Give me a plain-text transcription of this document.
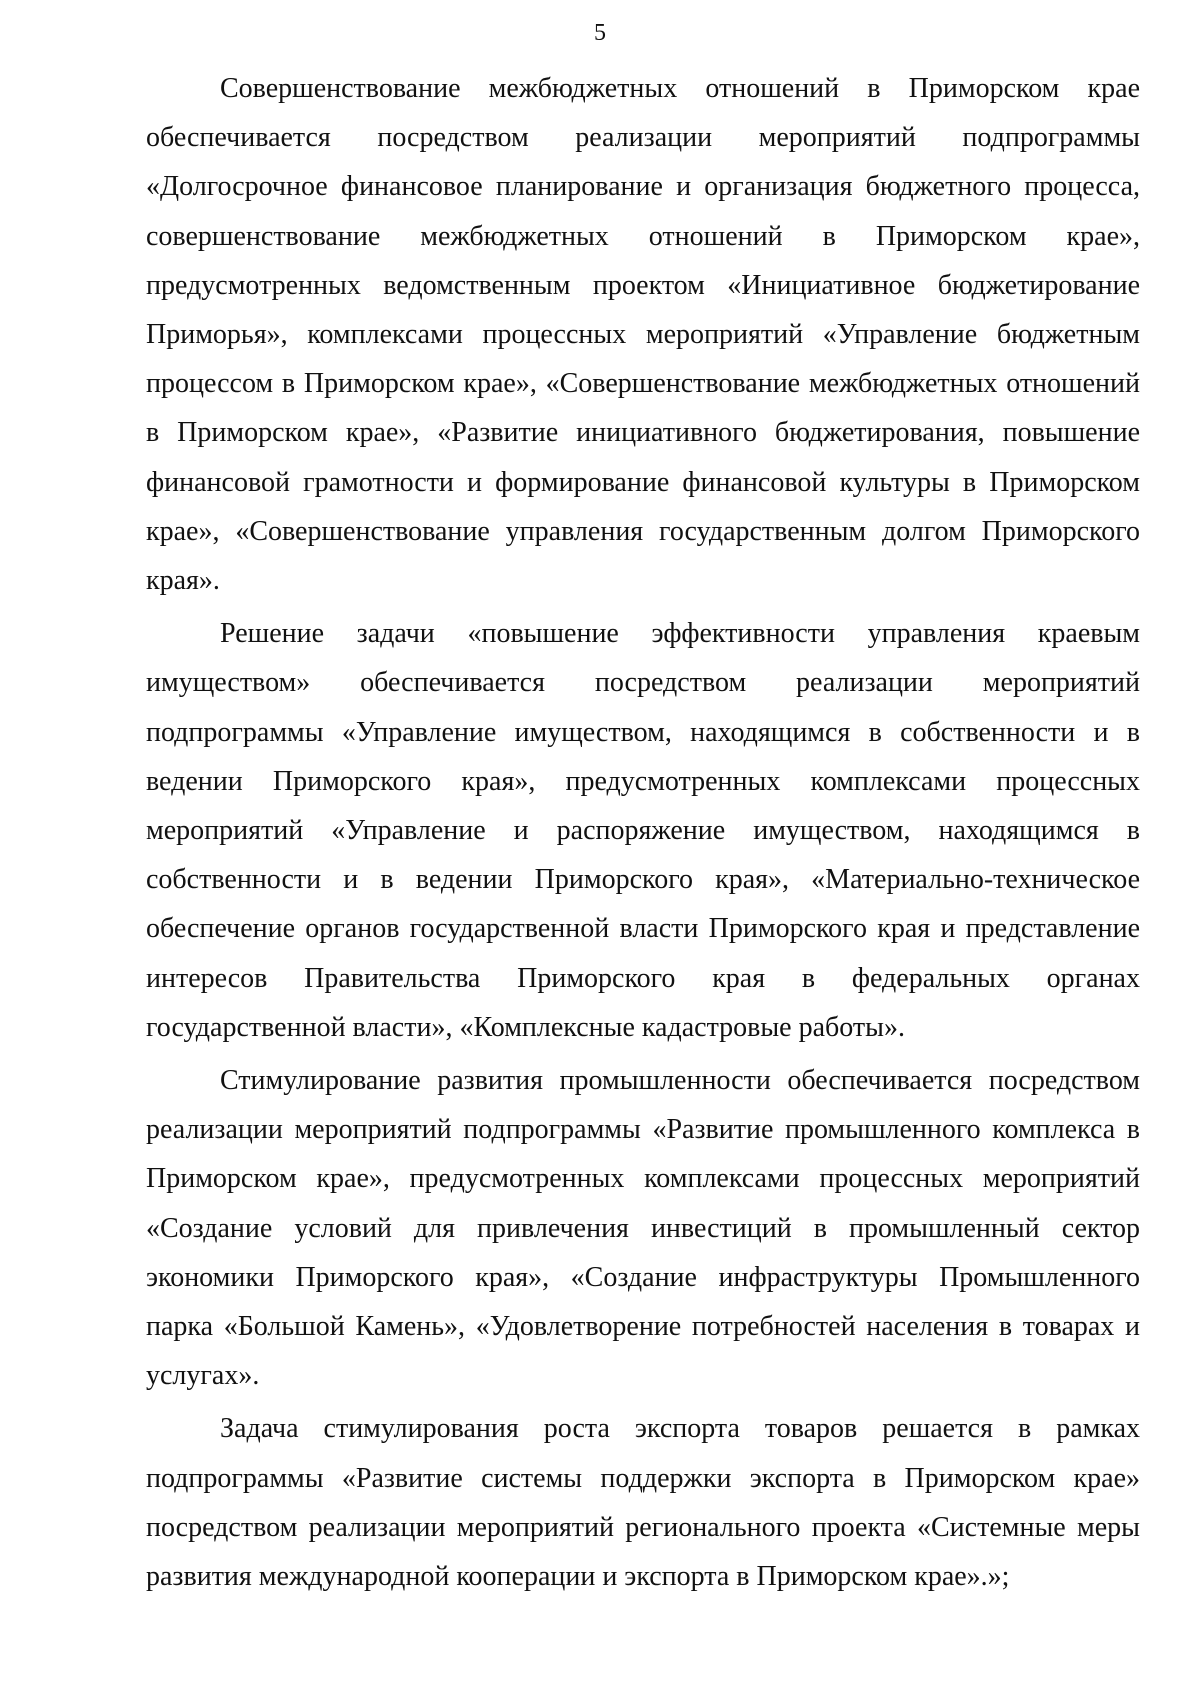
5

Совершенствование межбюджетных отношений в Приморском крае обеспечивается посредством реализации мероприятий подпрограммы «Долгосрочное финансовое планирование и организация бюджетного процесса, совершенствование межбюджетных отношений в Приморском крае», предусмотренных ведомственным проектом «Инициативное бюджетирование Приморья», комплексами процессных мероприятий «Управление бюджетным процессом в Приморском крае», «Совершенствование межбюджетных отношений в Приморском крае», «Развитие инициативного бюджетирования, повышение финансовой грамотности и формирование финансовой культуры в Приморском крае», «Совершенствование управления государственным долгом Приморского края».

Решение задачи «повышение эффективности управления краевым имуществом» обеспечивается посредством реализации мероприятий подпрограммы «Управление имуществом, находящимся в собственности и в ведении Приморского края», предусмотренных комплексами процессных мероприятий «Управление и распоряжение имуществом, находящимся в собственности и в ведении Приморского края», «Материально-техническое обеспечение органов государственной власти Приморского края и представление интересов Правительства Приморского края в федеральных органах государственной власти», «Комплексные кадастровые работы».

Стимулирование развития промышленности обеспечивается посредством реализации мероприятий подпрограммы «Развитие промышленного комплекса в Приморском крае», предусмотренных комплексами процессных мероприятий «Создание условий для привлечения инвестиций в промышленный сектор экономики Приморского края», «Создание инфраструктуры Промышленного парка «Большой Камень», «Удовлетворение потребностей населения в товарах и услугах».

Задача стимулирования роста экспорта товаров решается в рамках подпрограммы «Развитие системы поддержки экспорта в Приморском крае» посредством реализации мероприятий регионального проекта «Системные меры развития международной кооперации и экспорта в Приморском крае».»;
